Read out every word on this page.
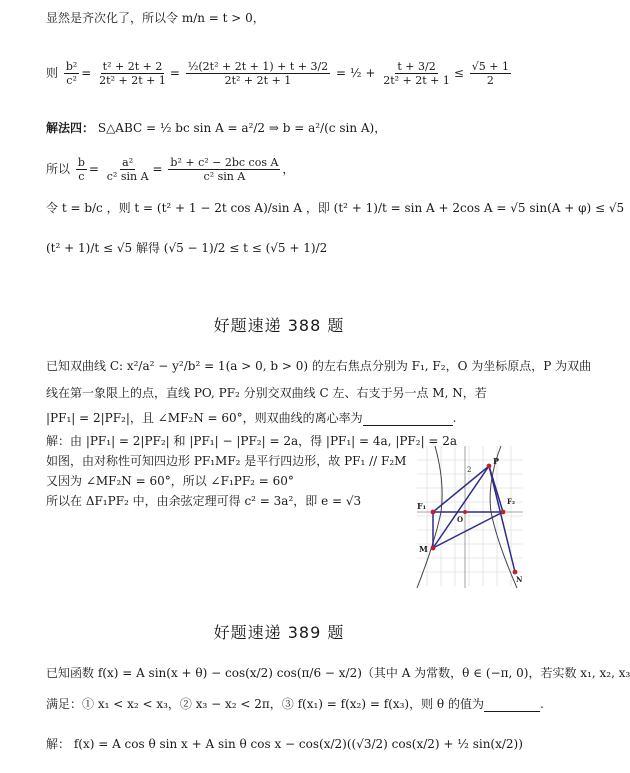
显然是齐次化了，所以令 m/n = t > 0，
则 $\frac{\text{b²}}{\text{c²}} = \frac{\text{t² + 2t + 2}}{\text{2t² + 2t + 1}} = \frac{\text{½(2t² + 2t + 1) + t + 3/2}}{\text{2t² + 2t + 1}}$ = ½ + $\frac{t + 3/2}{\text{2t² + 2t + 1}} \le \frac{√5 + 1}{2}$
解法四： S△ABC = ½ bc sin A = a²/2 ⇒ b = a²/(c sin A)，
所以 $\frac{b}{c} = \frac{\text{a²}}{\text{c² sin A}} = \frac{\text{b² + c² − 2bc cos A}}{\text{c² sin A}}$ ，
令 t = b/c ，则 t = (t² + 1 − 2t cos A)/sin A ，即 (t² + 1)/t = sin A + 2cos A = √5 sin(A + φ) ≤ √5
(t² + 1)/t ≤ √5 解得 (√5 − 1)/2 ≤ t ≤ (√5 + 1)/2
好题速递 388 题
已知双曲线 C: x²/a² − y²/b² = 1(a > 0, b > 0) 的左右焦点分别为 F₁, F₂，O 为坐标原点，P 为双曲
线在第一象限上的点，直线 PO, PF₂ 分别交双曲线 C 左、右支于另一点 M, N，若
|PF₁| = 2|PF₂|，且 ∠MF₂N = 60°，则双曲线的离心率为	.
解：由 |PF₁| = 2|PF₂| 和 |PF₁| − |PF₂| = 2a，得 |PF₁| = 4a, |PF₂| = 2a
如图，由对称性可知四边形 PF₁MF₂ 是平行四边形，故 PF₁ // F₂M
又因为 ∠MF₂N = 60°，所以 ∠F₁PF₂ = 60°
所以在 ΔF₁PF₂ 中，由余弦定理可得 c² = 3a²，即 e = √3
2
P
F₁
O
F₂
M
N
好题速递 389 题
已知函数 f(x) = A sin(x + θ) − cos(x/2) cos(π/6 − x/2)（其中 A 为常数，θ ∈ (−π, 0)，若实数 x₁, x₂, x₃
满足：① x₁ < x₂ < x₃，② x₃ − x₂ < 2π，③ f(x₁) = f(x₂) = f(x₃)，则 θ 的值为	.
解： f(x) = A cos θ sin x + A sin θ cos x − cos(x/2)((√3/2) cos(x/2) + ½ sin(x/2))
